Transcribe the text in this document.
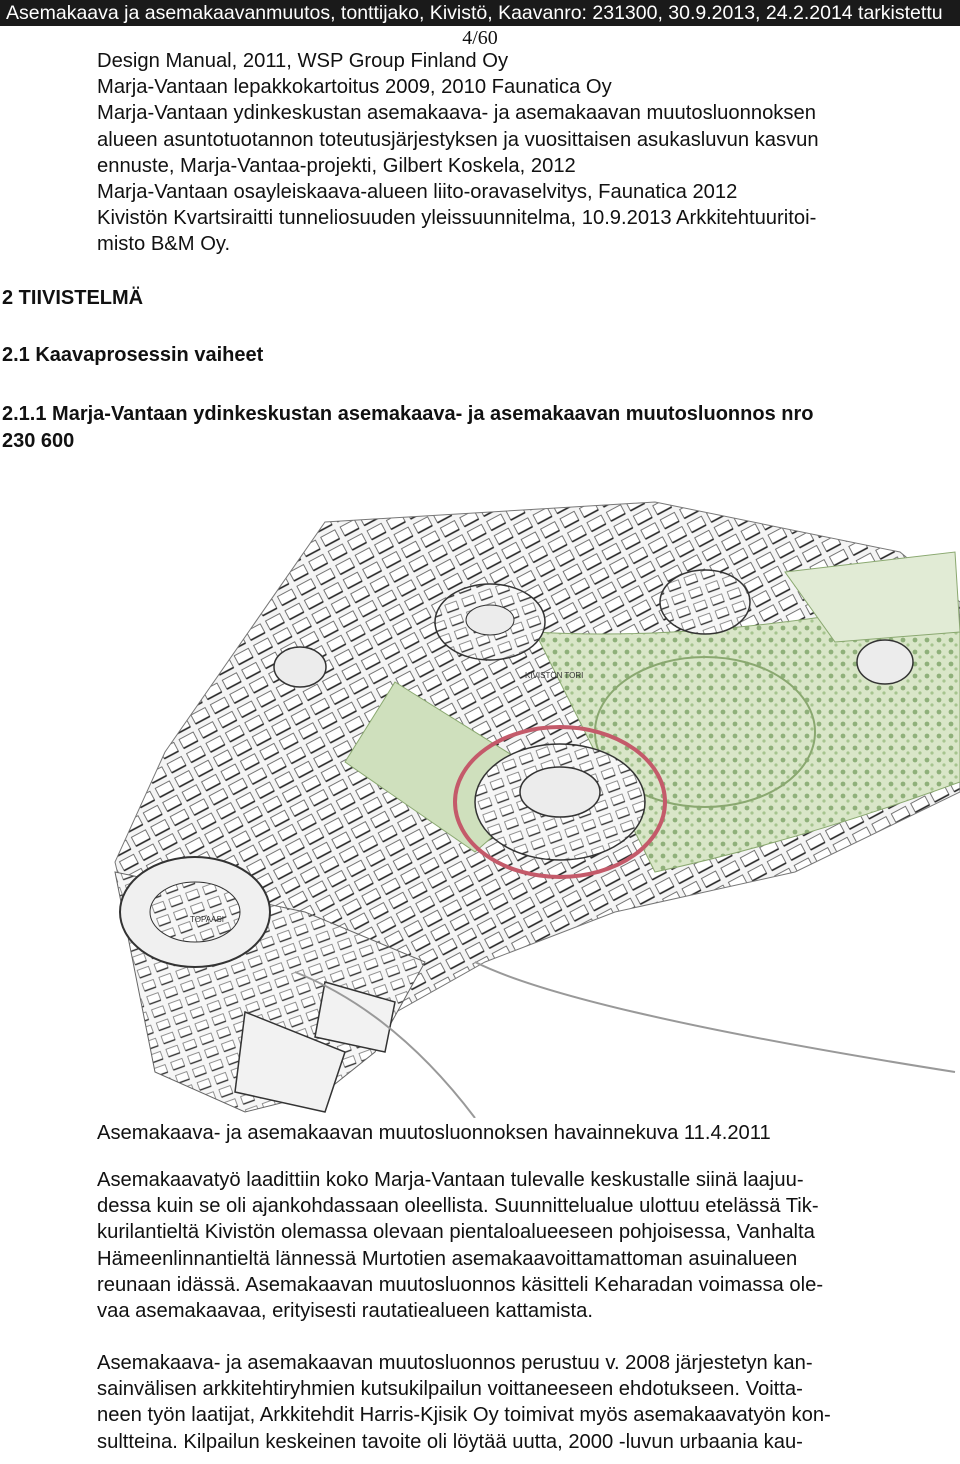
Asemakaava ja asemakaavanmuutos, tonttijako, Kivistö, Kaavanro: 231300, 30.9.2013, 24.2.2014 tarkistettu
4/60
Design Manual, 2011, WSP Group Finland Oy
Marja-Vantaan lepakkokartoitus 2009, 2010 Faunatica Oy
Marja-Vantaan ydinkeskustan asemakaava- ja asemakaavan muutosluonnoksen
alueen asuntotuotannon toteutusjärjestyksen ja vuosittaisen asukasluvun kasvun
ennuste, Marja-Vantaa-projekti, Gilbert Koskela, 2012
Marja-Vantaan osayleiskaava-alueen liito-oravaselvitys, Faunatica 2012
Kivistön Kvartsiraitti tunneliosuuden yleissuunnitelma, 10.9.2013 Arkkitehtuuritoi-
misto B&M Oy.
2 TIIVISTELMÄ
2.1 Kaavaprosessin vaiheet
2.1.1 Marja-Vantaan ydinkeskustan asemakaava- ja asemakaavan muutosluonnos nro
230 600
KIVISTÖN TORI
TOPAASI
Asemakaava- ja asemakaavan muutosluonnoksen havainnekuva 11.4.2011
Asemakaavatyö laadittiin koko Marja-Vantaan tulevalle keskustalle siinä laajuu-
dessa kuin se oli ajankohdassaan oleellista. Suunnittelualue ulottuu etelässä Tik-
kurilantieltä Kivistön olemassa olevaan pientaloalueeseen pohjoisessa, Vanhalta
Hämeenlinnantieltä lännessä Murtotien asemakaavoittamattoman asuinalueen
reunaan idässä. Asemakaavan muutosluonnos käsitteli Keharadan voimassa ole-
vaa asemakaavaa, erityisesti rautatiealueen kattamista.
Asemakaava- ja asemakaavan muutosluonnos perustuu v. 2008 järjestetyn kan-
sainvälisen arkkitehtiryhmien kutsukilpailun voittaneeseen ehdotukseen. Voitta-
neen työn laatijat, Arkkitehdit Harris-Kjisik Oy toimivat myös asemakaavatyön kon-
sultteina. Kilpailun keskeinen tavoite oli löytää uutta, 2000 -luvun urbaania kau-
